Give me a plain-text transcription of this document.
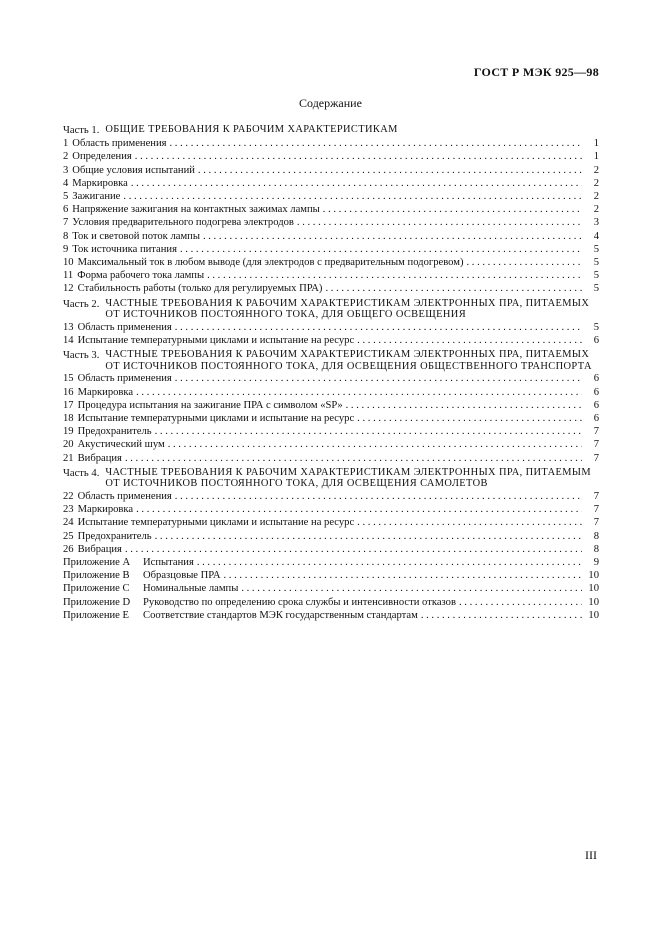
ГОСТ Р МЭК 925—98
Содержание
Часть 1. ОБЩИЕ ТРЕБОВАНИЯ К РАБОЧИМ ХАРАКТЕРИСТИКАМ
1 Область применения . . .	1
2 Определения . . .	1
3 Общие условия испытаний . . .	2
4 Маркировка . . .	2
5 Зажигание . . .	2
6 Напряжение зажигания на контактных зажимах лампы . . .	2
7 Условия предварительного подогрева электродов . . .	3
8 Ток и световой поток лампы . . .	4
9 Ток источника питания . . .	5
10 Максимальный ток в любом выводе (для электродов с предварительным подогревом) . . .	5
11 Форма рабочего тока лампы . . .	5
12 Стабильность работы (только для регулируемых ПРА) . . .	5
Часть 2. ЧАСТНЫЕ ТРЕБОВАНИЯ К РАБОЧИМ ХАРАКТЕРИСТИКАМ ЭЛЕКТРОННЫХ ПРА, ПИТАЕМЫХ ОТ ИСТОЧНИКОВ ПОСТОЯННОГО ТОКА, ДЛЯ ОБЩЕГО ОСВЕЩЕНИЯ
13 Область применения . . .	5
14 Испытание температурными циклами и испытание на ресурс . . .	6
Часть 3. ЧАСТНЫЕ ТРЕБОВАНИЯ К РАБОЧИМ ХАРАКТЕРИСТИКАМ ЭЛЕКТРОННЫХ ПРА, ПИТАЕМЫХ ОТ ИСТОЧНИКОВ ПОСТОЯННОГО ТОКА, ДЛЯ ОСВЕЩЕНИЯ ОБЩЕСТВЕННОГО ТРАНСПОРТА
15 Область применения . . .	6
16 Маркировка . . .	6
17 Процедура испытания на зажигание ПРА с символом «SP» . . .	6
18 Испытание температурными циклами и испытание на ресурс . . .	6
19 Предохранитель . . .	7
20 Акустический шум . . .	7
21 Вибрация . . .	7
Часть 4. ЧАСТНЫЕ ТРЕБОВАНИЯ К РАБОЧИМ ХАРАКТЕРИСТИКАМ ЭЛЕКТРОННЫХ ПРА, ПИТАЕМЫМ ОТ ИСТОЧНИКОВ ПОСТОЯННОГО ТОКА, ДЛЯ ОСВЕЩЕНИЯ САМОЛЕТОВ
22 Область применения . . .	7
23 Маркировка . . .	7
24 Испытание температурными циклами и испытание на ресурс . . .	7
25 Предохранитель . . .	8
26 Вибрация . . .	8
Приложение А	Испытания . . .	9
Приложение В	Образцовые ПРА . . .	10
Приложение С	Номинальные лампы . . .	10
Приложение D	Руководство по определению срока службы и интенсивности отказов . . .	10
Приложение Е	Соответствие стандартов МЭК государственным стандартам . . .	10
III
